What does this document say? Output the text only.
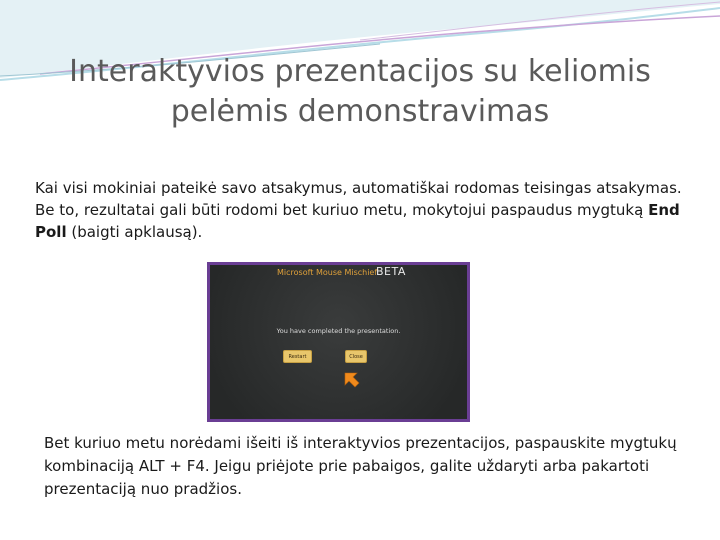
Interaktyvios prezentacijos su keliomis
pelėmis demonstravimas
Kai visi mokiniai pateikė savo atsakymus, automatiškai rodomas teisingas atsakymas. Be to, rezultatai gali būti rodomi bet kuriuo metu, mokytojui paspaudus mygtuką End Poll (baigti apklausą).
Microsoft Mouse Mischief
BETA
You have completed the presentation.
Restart	Close
Bet kuriuo metu norėdami išeiti iš interaktyvios prezentacijos, paspauskite mygtukų kombinaciją ALT + F4. Jeigu priėjote prie pabaigos, galite uždaryti arba pakartoti prezentaciją nuo pradžios.
